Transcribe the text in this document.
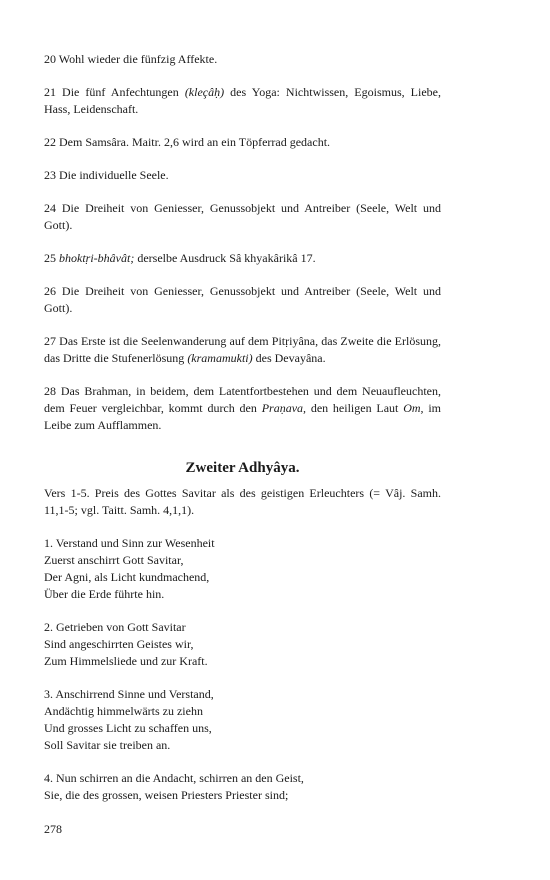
20 Wohl wieder die fünfzig Affekte.

21 Die fünf Anfechtungen (kleçâḥ) des Yoga: Nichtwissen, Egoismus, Liebe, Hass, Leidenschaft.

22 Dem Samsâra. Maitr. 2,6 wird an ein Töpferrad gedacht.

23 Die individuelle Seele.

24 Die Dreiheit von Geniesser, Genussobjekt und Antreiber (Seele, Welt und Gott).

25 bhoktṛi-bhâvât; derselbe Ausdruck Sâ khyakârikâ 17.

26 Die Dreiheit von Geniesser, Genussobjekt und Antreiber (Seele, Welt und Gott).

27 Das Erste ist die Seelenwanderung auf dem Pitṛiyâna, das Zweite die Erlösung, das Dritte die Stufenerlösung (kramamukti) des Devayâna.

28 Das Brahman, in beidem, dem Latentfortbestehen und dem Neuaufleuchten, dem Feuer vergleichbar, kommt durch den Praṇava, den heiligen Laut Om, im Leibe zum Aufflammen.

Zweiter Adhyâya.

Vers 1-5. Preis des Gottes Savitar als des geistigen Erleuchters (= Vâj. Samh. 11,1-5; vgl. Taitt. Samh. 4,1,1).

1. Verstand und Sinn zur Wesenheit
Zuerst anschirrt Gott Savitar,
Der Agni, als Licht kundmachend,
Über die Erde führte hin.
2. Getrieben von Gott Savitar
Sind angeschirrten Geistes wir,
Zum Himmelsliede und zur Kraft.
3. Anschirrend Sinne und Verstand,
Andächtig himmelwärts zu ziehn
Und grosses Licht zu schaffen uns,
Soll Savitar sie treiben an.
4. Nun schirren an die Andacht, schirren an den Geist,
Sie, die des grossen, weisen Priesters Priester sind;
278
